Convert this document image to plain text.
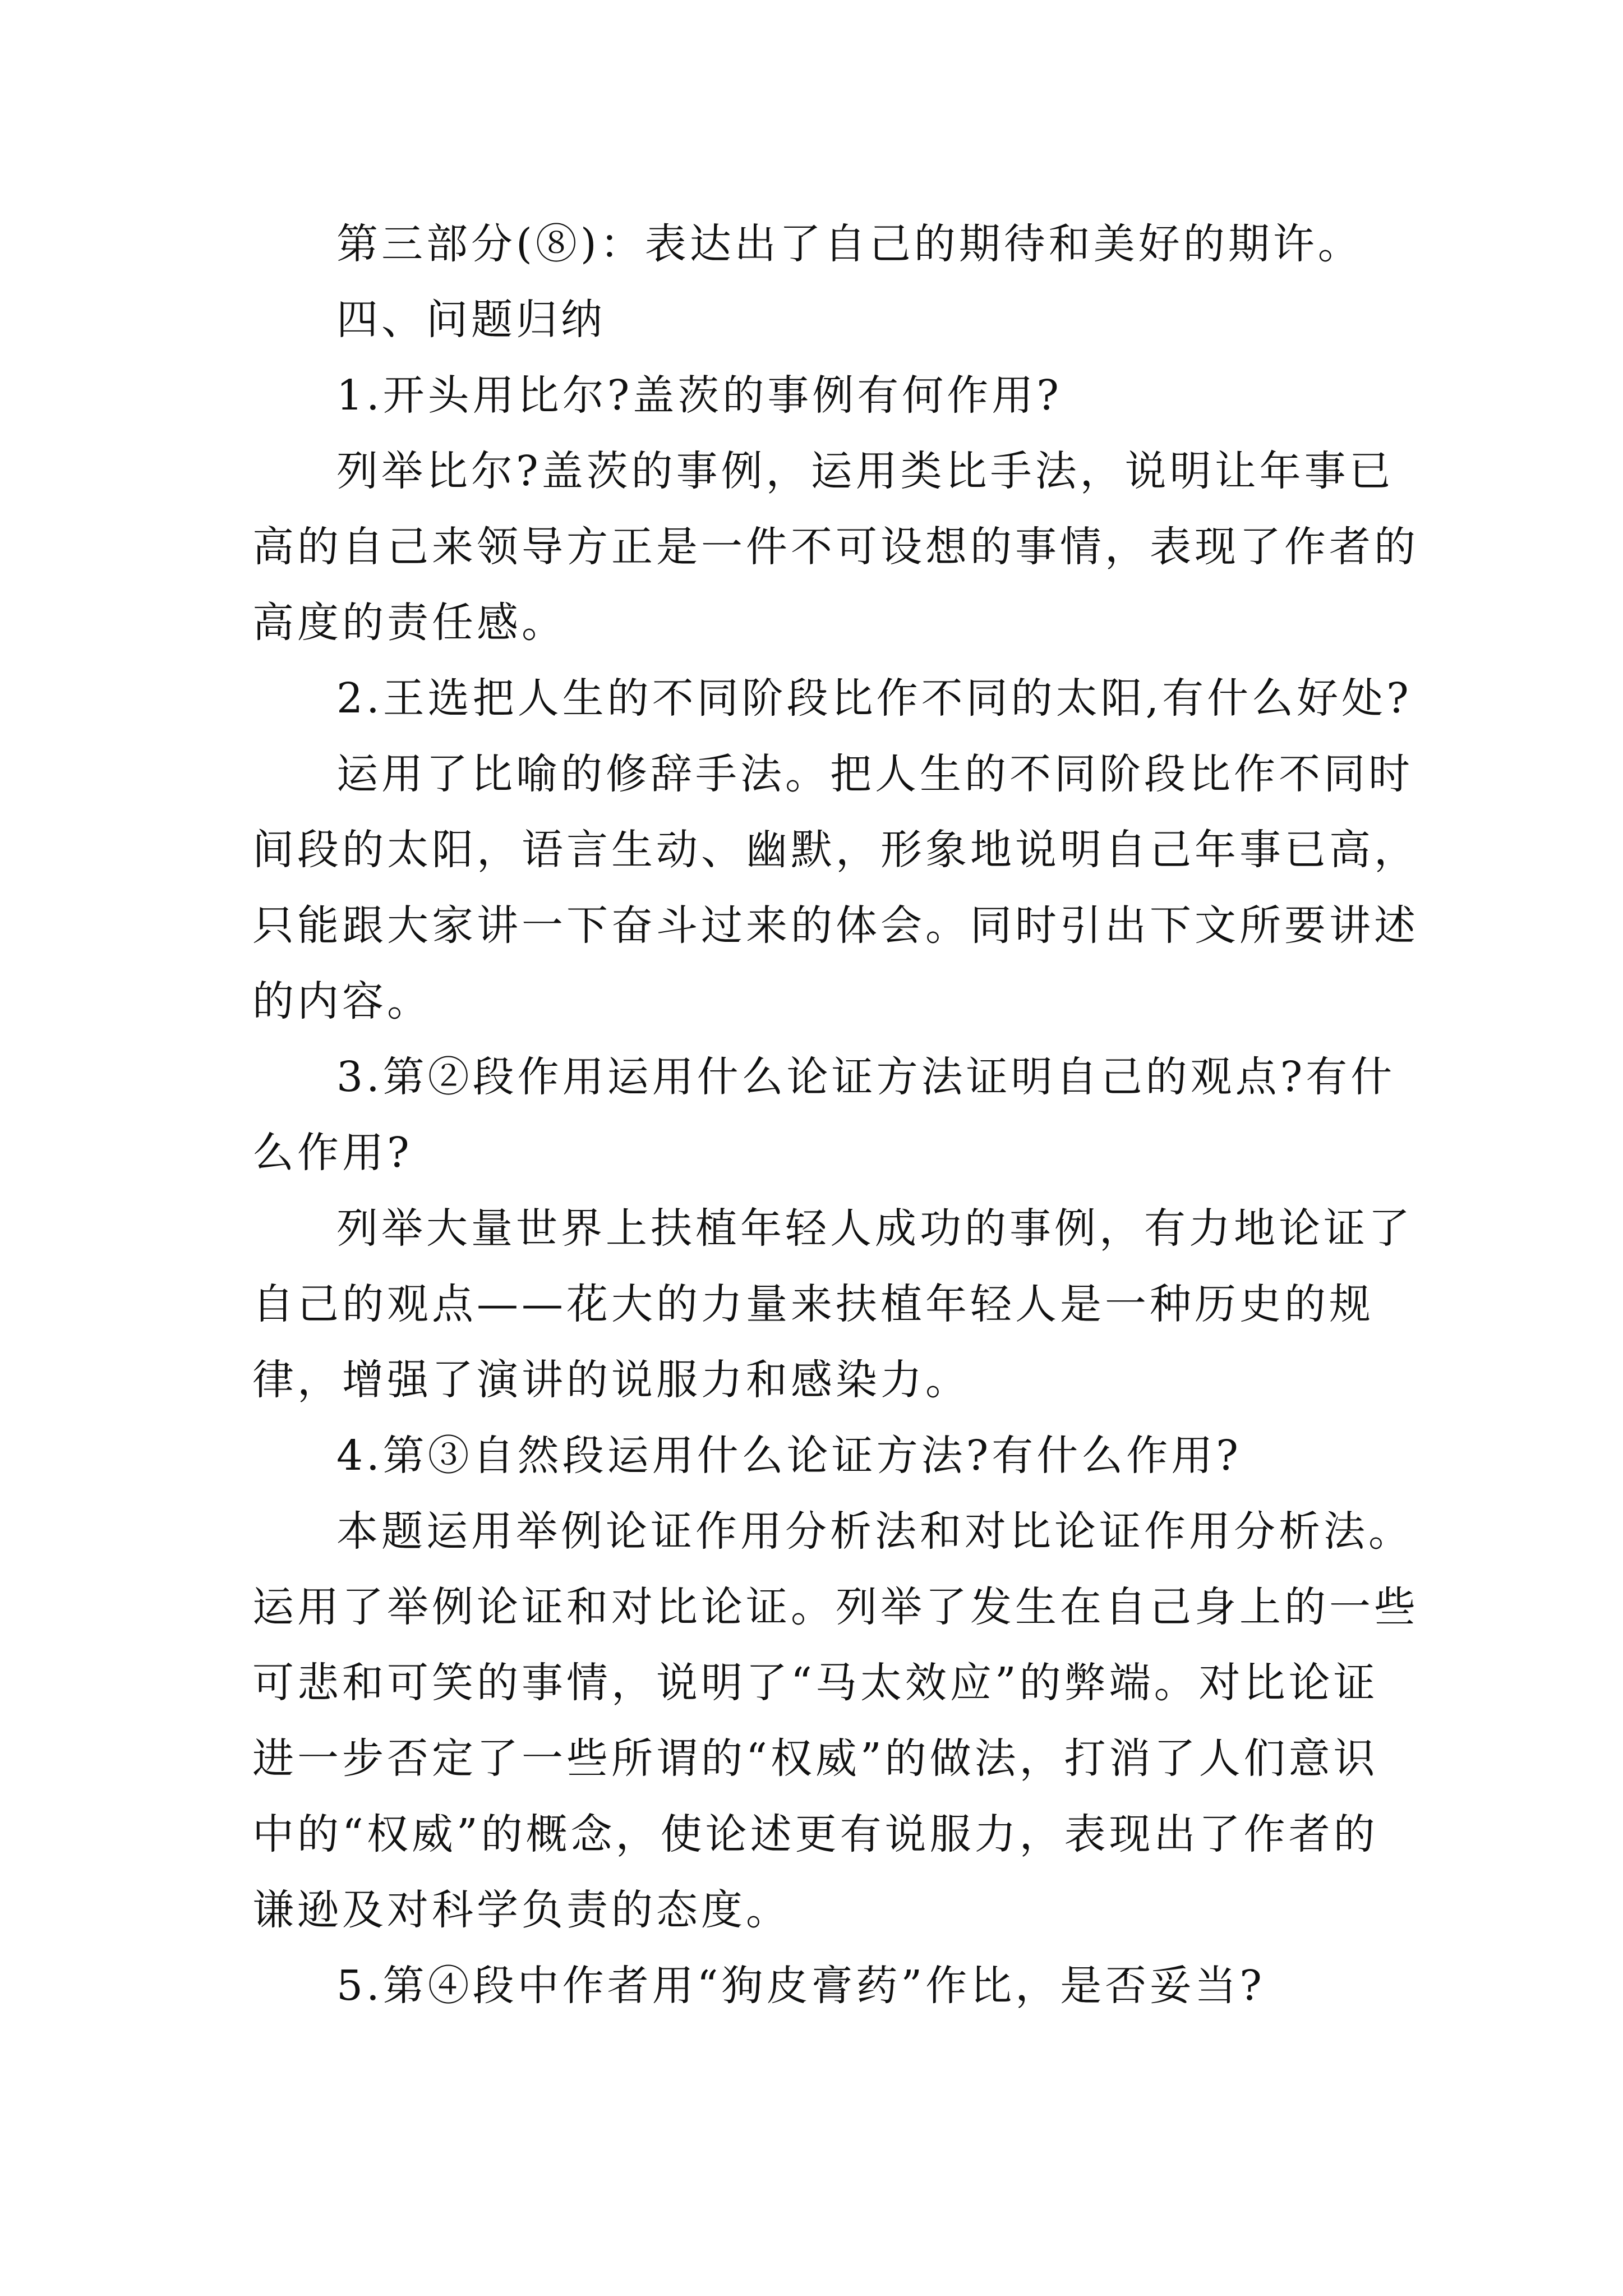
第三部分(⑧)：表达出了自己的期待和美好的期许。
四、问题归纳
1.开头用比尔?盖茨的事例有何作用?
列举比尔?盖茨的事例，运用类比手法，说明让年事已
高的自己来领导方正是一件不可设想的事情，表现了作者的
高度的责任感。
2.王选把人生的不同阶段比作不同的太阳,有什么好处?
运用了比喻的修辞手法。把人生的不同阶段比作不同时
间段的太阳，语言生动、幽默，形象地说明自己年事已高，
只能跟大家讲一下奋斗过来的体会。同时引出下文所要讲述
的内容。
3.第②段作用运用什么论证方法证明自己的观点?有什
么作用?
列举大量世界上扶植年轻人成功的事例，有力地论证了
自己的观点——花大的力量来扶植年轻人是一种历史的规
律，增强了演讲的说服力和感染力。
4.第③自然段运用什么论证方法?有什么作用?
本题运用举例论证作用分析法和对比论证作用分析法。
运用了举例论证和对比论证。列举了发生在自己身上的一些
可悲和可笑的事情，说明了“马太效应”的弊端。对比论证
进一步否定了一些所谓的“权威”的做法，打消了人们意识
中的“权威”的概念，使论述更有说服力，表现出了作者的
谦逊及对科学负责的态度。
5.第④段中作者用“狗皮膏药”作比，是否妥当?
